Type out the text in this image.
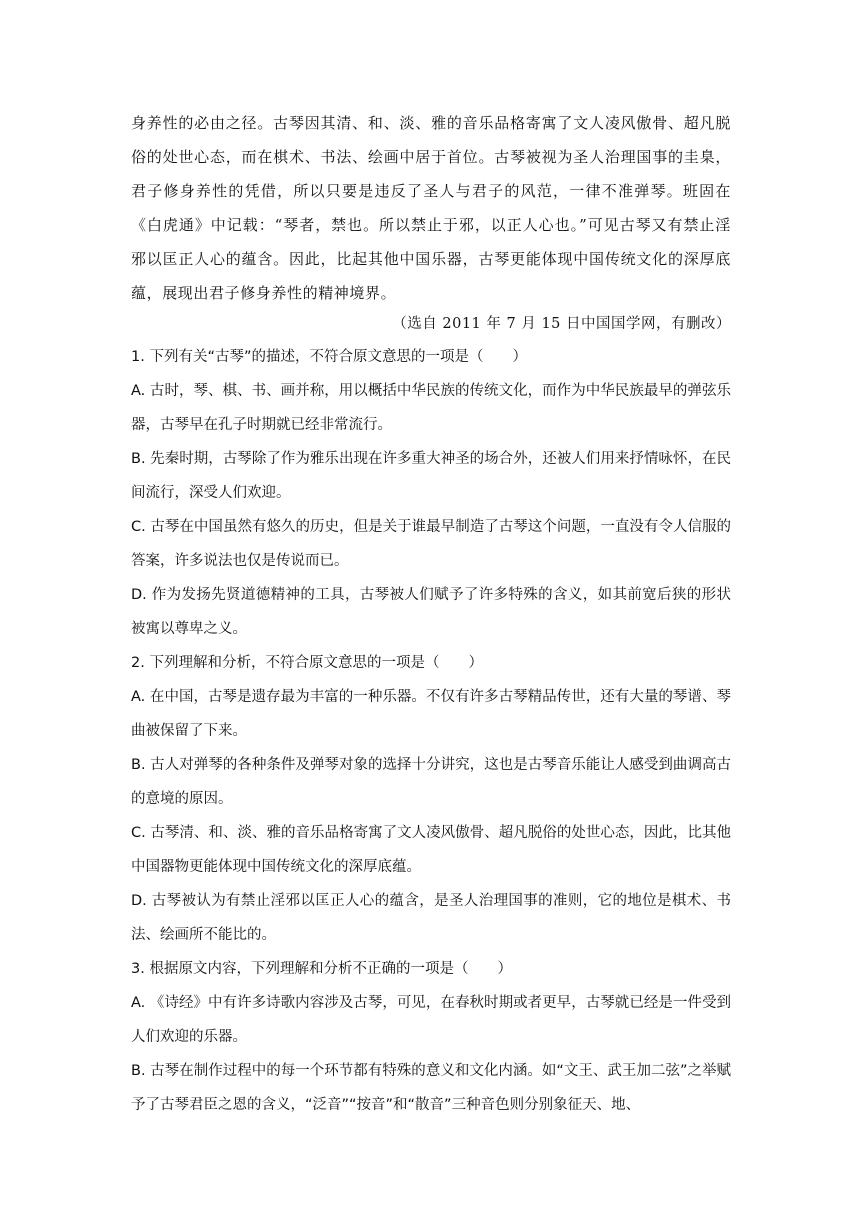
身养性的必由之径。古琴因其清、和、淡、雅的音乐品格寄寓了文人凌风傲骨、超凡脱俗的处世心态，而在棋术、书法、绘画中居于首位。古琴被视为圣人治理国事的圭臬，君子修身养性的凭借，所以只要是违反了圣人与君子的风范，一律不准弹琴。班固在《白虎通》中记载：“琴者，禁也。所以禁止于邪，以正人心也。”可见古琴又有禁止淫邪以匡正人心的蕴含。因此，比起其他中国乐器，古琴更能体现中国传统文化的深厚底蕴，展现出君子修身养性的精神境界。

（选自 2011 年 7 月 15 日中国国学网，有删改）

1. 下列有关“古琴”的描述，不符合原文意思的一项是（　　）

A. 古时，琴、棋、书、画并称，用以概括中华民族的传统文化，而作为中华民族最早的弹弦乐器，古琴早在孔子时期就已经非常流行。

B. 先秦时期，古琴除了作为雅乐出现在许多重大神圣的场合外，还被人们用来抒情咏怀，在民间流行，深受人们欢迎。

C. 古琴在中国虽然有悠久的历史，但是关于谁最早制造了古琴这个问题，一直没有令人信服的答案，许多说法也仅是传说而已。

D. 作为发扬先贤道德精神的工具，古琴被人们赋予了许多特殊的含义，如其前宽后狭的形状被寓以尊卑之义。

2. 下列理解和分析，不符合原文意思的一项是（　　）

A. 在中国，古琴是遗存最为丰富的一种乐器。不仅有许多古琴精品传世，还有大量的琴谱、琴曲被保留了下来。

B. 古人对弹琴的各种条件及弹琴对象的选择十分讲究，这也是古琴音乐能让人感受到曲调高古的意境的原因。

C. 古琴清、和、淡、雅的音乐品格寄寓了文人凌风傲骨、超凡脱俗的处世心态，因此，比其他中国器物更能体现中国传统文化的深厚底蕴。

D. 古琴被认为有禁止淫邪以匡正人心的蕴含，是圣人治理国事的准则，它的地位是棋术、书法、绘画所不能比的。

3. 根据原文内容，下列理解和分析不正确的一项是（　　）

A. 《诗经》中有许多诗歌内容涉及古琴，可见，在春秋时期或者更早，古琴就已经是一件受到人们欢迎的乐器。

B. 古琴在制作过程中的每一个环节都有特殊的意义和文化内涵。如“文王、武王加二弦”之举赋予了古琴君臣之恩的含义，“泛音”“按音”和“散音”三种音色则分别象征天、地、
